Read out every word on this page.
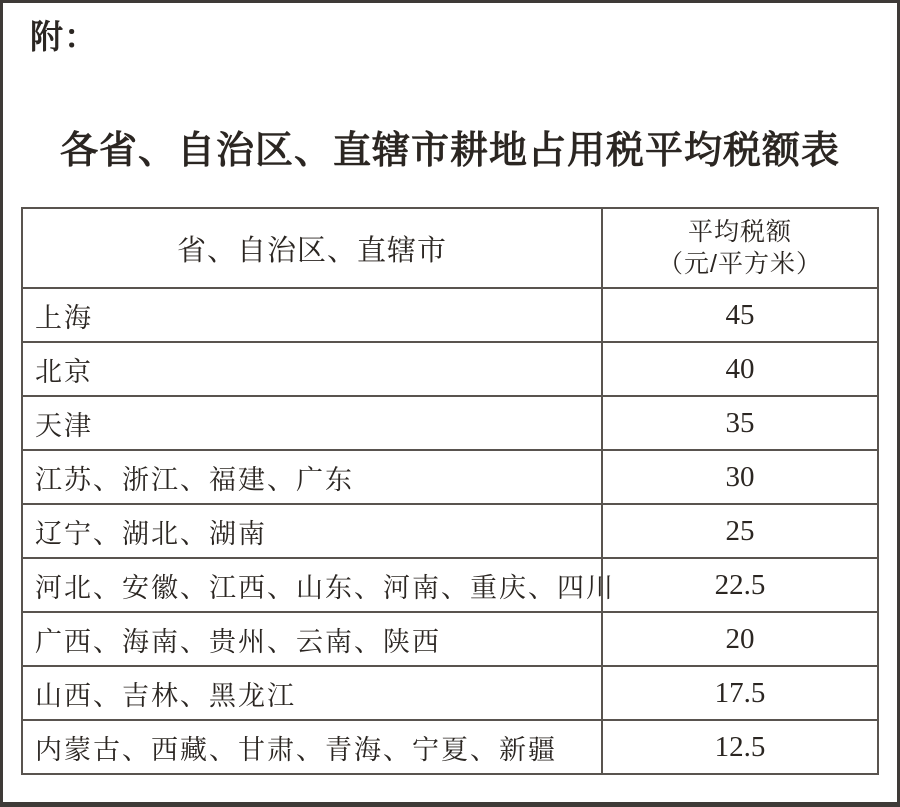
附：
各省、自治区、直辖市耕地占用税平均税额表
省、自治区、直辖市	平均税额
（元/平方米）
上海	45
北京	40
天津	35
江苏、浙江、福建、广东	30
辽宁、湖北、湖南	25
河北、安徽、江西、山东、河南、重庆、四川	22.5
广西、海南、贵州、云南、陕西	20
山西、吉林、黑龙江	17.5
内蒙古、西藏、甘肃、青海、宁夏、新疆	12.5
